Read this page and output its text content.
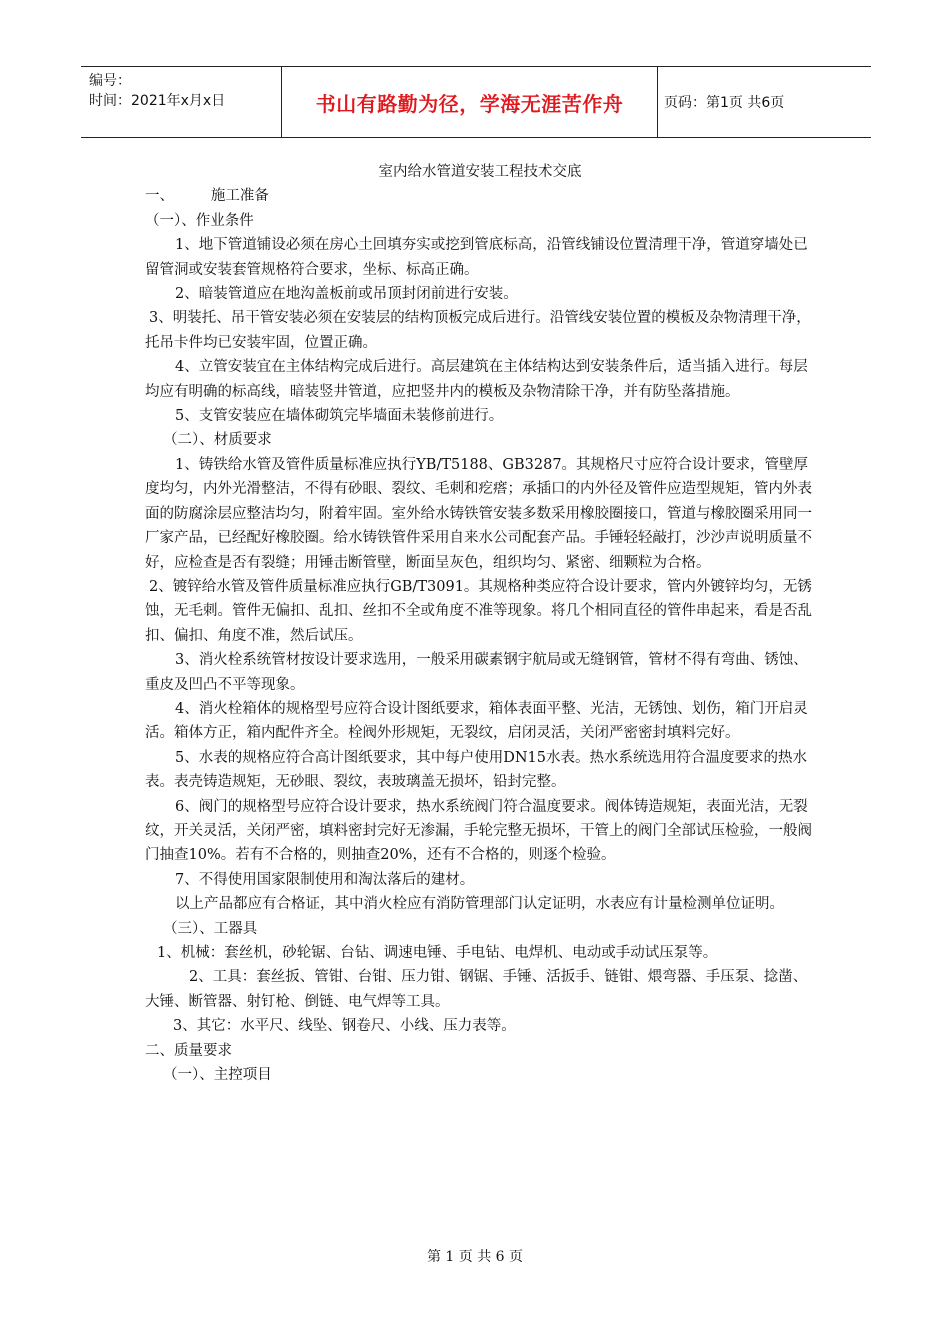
编号：
时间：2021年x月x日	书山有路勤为径，学海无涯苦作舟	页码：第1页 共6页

室内给水管道安装工程技术交底

一、        施工准备

（一）、作业条件

1、地下管道铺设必须在房心土回填夯实或挖到管底标高，沿管线铺设位置清理干净，管道穿墙处已留管洞或安装套管规格符合要求，坐标、标高正确。

2、暗装管道应在地沟盖板前或吊顶封闭前进行安装。

3、明装托、吊干管安装必须在安装层的结构顶板完成后进行。沿管线安装位置的模板及杂物清理干净，托吊卡件均已安装牢固，位置正确。

4、立管安装宜在主体结构完成后进行。高层建筑在主体结构达到安装条件后，适当插入进行。每层均应有明确的标高线，暗装竖井管道，应把竖井内的模板及杂物清除干净，并有防坠落措施。

5、支管安装应在墙体砌筑完毕墙面未装修前进行。

（二）、材质要求

1、铸铁给水管及管件质量标准应执行YB/T5188、GB3287。其规格尺寸应符合设计要求，管壁厚度均匀，内外光滑整洁，不得有砂眼、裂纹、毛刺和疙瘩；承插口的内外径及管件应造型规矩，管内外表面的防腐涂层应整洁均匀，附着牢固。室外给水铸铁管安装多数采用橡胶圈接口，管道与橡胶圈采用同一厂家产品，已经配好橡胶圈。给水铸铁管件采用自来水公司配套产品。手锤轻轻敲打，沙沙声说明质量不好，应检查是否有裂缝；用锤击断管壁，断面呈灰色，组织均匀、紧密、细颗粒为合格。

2、镀锌给水管及管件质量标准应执行GB/T3091。其规格种类应符合设计要求，管内外镀锌均匀，无锈蚀，无毛刺。管件无偏扣、乱扣、丝扣不全或角度不准等现象。将几个相同直径的管件串起来，看是否乱扣、偏扣、角度不准，然后试压。

3、消火栓系统管材按设计要求选用，一般采用碳素钢宇航局或无缝钢管，管材不得有弯曲、锈蚀、重皮及凹凸不平等现象。

4、消火栓箱体的规格型号应符合设计图纸要求，箱体表面平整、光洁，无锈蚀、划伤，箱门开启灵活。箱体方正，箱内配件齐全。栓阀外形规矩，无裂纹，启闭灵活，关闭严密密封填料完好。

5、水表的规格应符合高计图纸要求，其中每户使用DN15水表。热水系统选用符合温度要求的热水表。表壳铸造规矩，无砂眼、裂纹，表玻璃盖无损坏，铅封完整。

6、阀门的规格型号应符合设计要求，热水系统阀门符合温度要求。阀体铸造规矩，表面光洁，无裂纹，开关灵活，关闭严密，填料密封完好无渗漏，手轮完整无损坏，干管上的阀门全部试压检验，一般阀门抽查10%。若有不合格的，则抽查20%，还有不合格的，则逐个检验。

7、不得使用国家限制使用和淘汰落后的建材。

以上产品都应有合格证，其中消火栓应有消防管理部门认定证明，水表应有计量检测单位证明。

（三）、工器具

1、机械：套丝机，砂轮锯、台钻、调速电锤、手电钻、电焊机、电动或手动试压泵等。

2、工具：套丝扳、管钳、台钳、压力钳、钢锯、手锤、活扳手、链钳、煨弯器、手压泵、捻凿、大锤、断管器、射钉枪、倒链、电气焊等工具。

3、其它：水平尺、线坠、钢卷尺、小线、压力表等。

二、质量要求

（一）、主控项目

第 1 页 共 6 页
